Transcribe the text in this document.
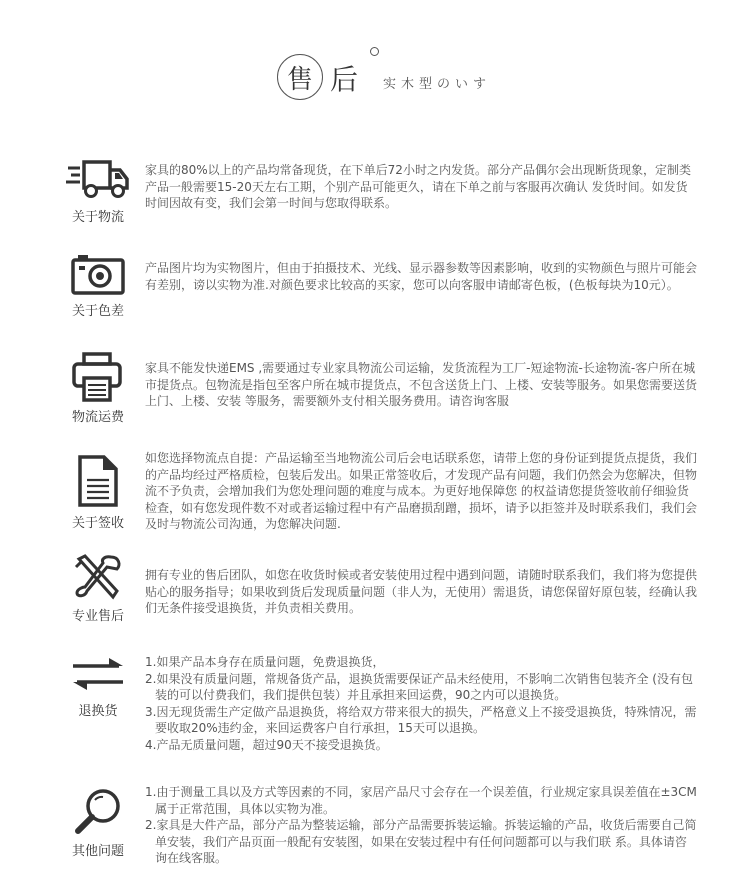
售 后 实木型のいす
关于物流

家具的80%以上的产品均常备现货，在下单后72小时之内发货。部分产品偶尔会出现断货现象，定制类产品一般需要15-20天左右工期，个别产品可能更久，请在下单之前与客服再次确认 发货时间。如发货时间因故有变，我们会第一时间与您取得联系。

关于色差

产品图片均为实物图片，但由于拍摄技术、光线、显示器参数等因素影响，收到的实物颜色与照片可能会有差别，谤以实物为准.对颜色要求比较高的买家，您可以向客服申请邮寄色板，(色板每块为10元）。

物流运费

家具不能发快递EMS ,需要通过专业家具物流公司运输，发货流程为工厂-短途物流-长途物流-客户所在城市提货点。包物流是指包至客户所在城市提货点，不包含送货上门、上楼、安装等服务。如果您需要送货上门、上楼、安装 等服务，需要额外支付相关服务费用。请咨询客服

关于签收

如您选择物流点自提：产品运输至当地物流公司后会电话联系您，请带上您的身份证到提货点提货，我们的产品均经过严格质检，包装后发出。如果正常签收后，才发现产品有问题，我们仍然会为您解决，但物流不予负责，会增加我们为您处理问题的难度与成本。为更好地保障您 的权益请您提货签收前仔细验货检查，如有您发现件数不对或者运输过程中有产品磨损刮蹭，损坏，请予以拒签并及时联系我们，我们会及时与物流公司沟通，为您解决问题.

专业售后

拥有专业的售后团队，如您在收货时候或者安装使用过程中遇到问题，请随时联系我们，我们将为您提供贴心的服务指导；如果收到货后发现质量问题（非人为，无使用）需退货，请您保留好原包装，经确认我们无条件接受退换货，并负责相关费用。

退换货
1.如果产品本身存在质量问题，免费退换货，
2.如果没有质量问题，常规备货产品，退换货需要保证产品未经使用，不影响二次销售包装齐全 (没有包装的可以付费我们，我们提供包装）并且承担来回运费，90之内可以退换货。
3.因无现货需生产定做产品退换货，将给双方带来很大的损失，严格意义上不接受退换货，特殊情况，需要收取20%违约金，来回运费客户自行承担，15天可以退换。
4.产品无质量问题，超过90天不接受退换货。
其他问题
1.由于测量工具以及方式等因素的不同，家居产品尺寸会存在一个误差值，行业规定家具误差值在±3CM属于正常范围，具体以实物为准。
2.家具是大件产品，部分产品为整装运输，部分产品需要拆装运输。拆装运输的产品，收货后需要自己简单安装，我们产品页面一般配有安装图，如果在安装过程中有任何问题都可以与我们联 系。具体请咨询在线客服。
